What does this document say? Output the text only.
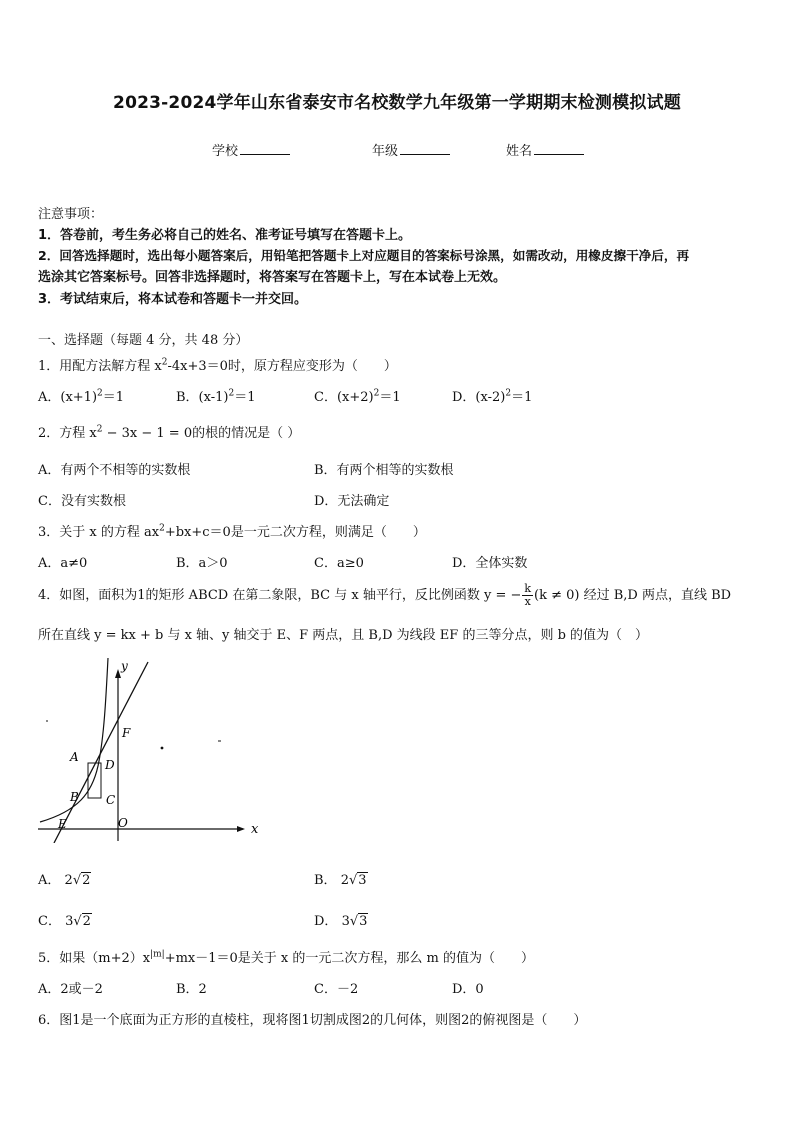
2023-2024学年山东省泰安市名校数学九年级第一学期期末检测模拟试题
学校	年级	姓名
注意事项：
1．答卷前，考生务必将自己的姓名、准考证号填写在答题卡上。
2．回答选择题时，选出每小题答案后，用铅笔把答题卡上对应题目的答案标号涂黑，如需改动，用橡皮擦干净后，再
选涂其它答案标号。回答非选择题时，将答案写在答题卡上，写在本试卷上无效。
3．考试结束后，将本试卷和答题卡一并交回。
一、选择题（每题 4 分，共 48 分）
1．用配方法解方程 $x^2-4x+3=0$时，原方程应变形为（　　）
A．$(x+1)^2=1$	B．$(x-1)^2=1$	C．$(x+2)^2=1$	D．$(x-2)^2=1$
2．方程 $x^2 - 3x - 1 = 0$的根的情况是（ ）
A．有两个不相等的实数根	B．有两个相等的实数根
C．没有实数根	D．无法确定
3．关于 x 的方程 $ax^2+bx+c=0$是一元二次方程，则满足（　　）
A．a≠0	B．a＞0	C．a≥0	D．全体实数
4．如图，面积为1的矩形 ABCD 在第二象限，BC 与 x 轴平行，反比例函数 y = − $\frac{k}{x} (k \ne 0)$ 经过 B,D 两点，直线 BD
所在直线 y = kx + b 与 x 轴、y 轴交于 E、F 两点，且 B,D 为线段 EF 的三等分点，则 b 的值为（　）
y
x
A
B C
D
E
F
O
A． 2√2	B． 2√3
C． 3√2	D． 3√3
5．如果$(m+2)x^{|m|}+mx-1=0$是关于 x 的一元二次方程，那么 m 的值为（　　）
A．2或－2	B．2	C．－2	D．0
6．图1是一个底面为正方形的直棱柱，现将图1切割成图2的几何体，则图2的俯视图是（　　）
